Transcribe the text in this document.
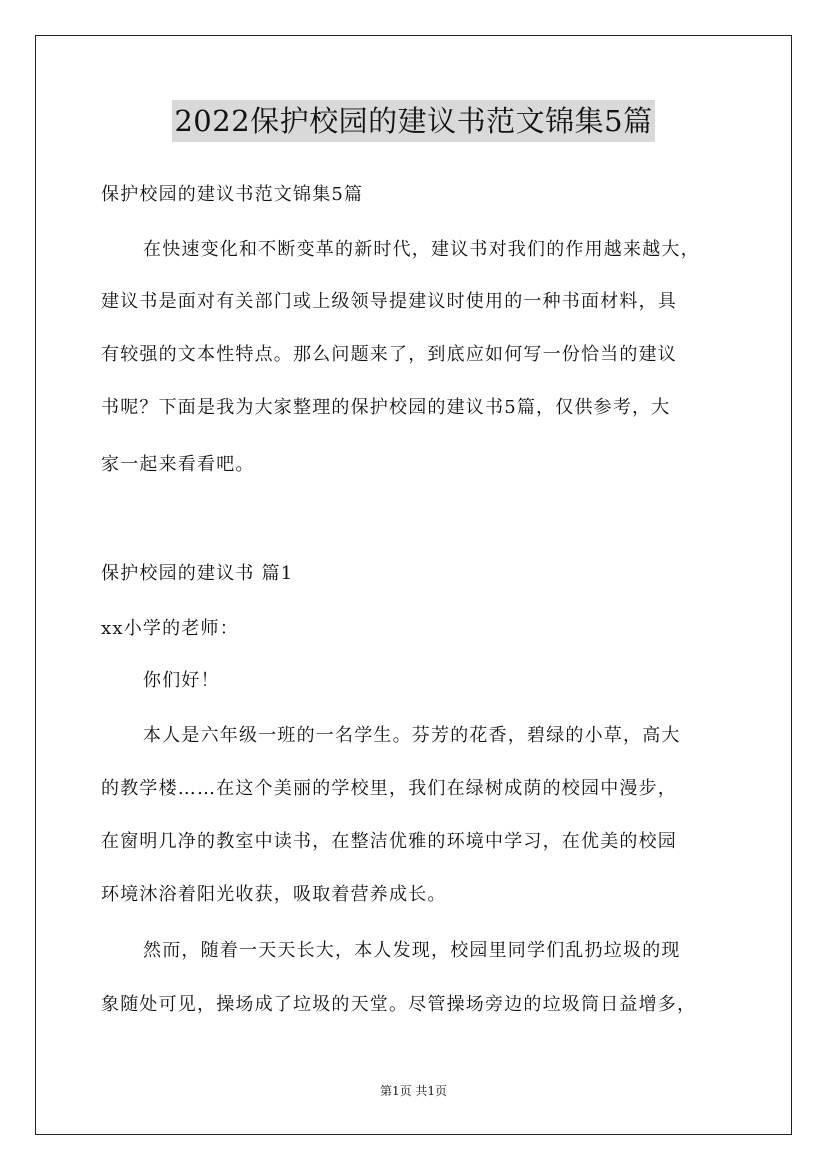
2022保护校园的建议书范文锦集5篇
保护校园的建议书范文锦集5篇
在快速变化和不断变革的新时代，建议书对我们的作用越来越大，
建议书是面对有关部门或上级领导提建议时使用的一种书面材料，具
有较强的文本性特点。那么问题来了，到底应如何写一份恰当的建议
书呢？下面是我为大家整理的保护校园的建议书5篇，仅供参考，大
家一起来看看吧。
保护校园的建议书 篇1
xx小学的老师：
你们好！
本人是六年级一班的一名学生。芬芳的花香，碧绿的小草，高大
的教学楼……在这个美丽的学校里，我们在绿树成荫的校园中漫步，
在窗明几净的教室中读书，在整洁优雅的环境中学习，在优美的校园
环境沐浴着阳光收获，吸取着营养成长。
然而，随着一天天长大，本人发现，校园里同学们乱扔垃圾的现
象随处可见，操场成了垃圾的天堂。尽管操场旁边的垃圾筒日益增多，
第1页 共1页
